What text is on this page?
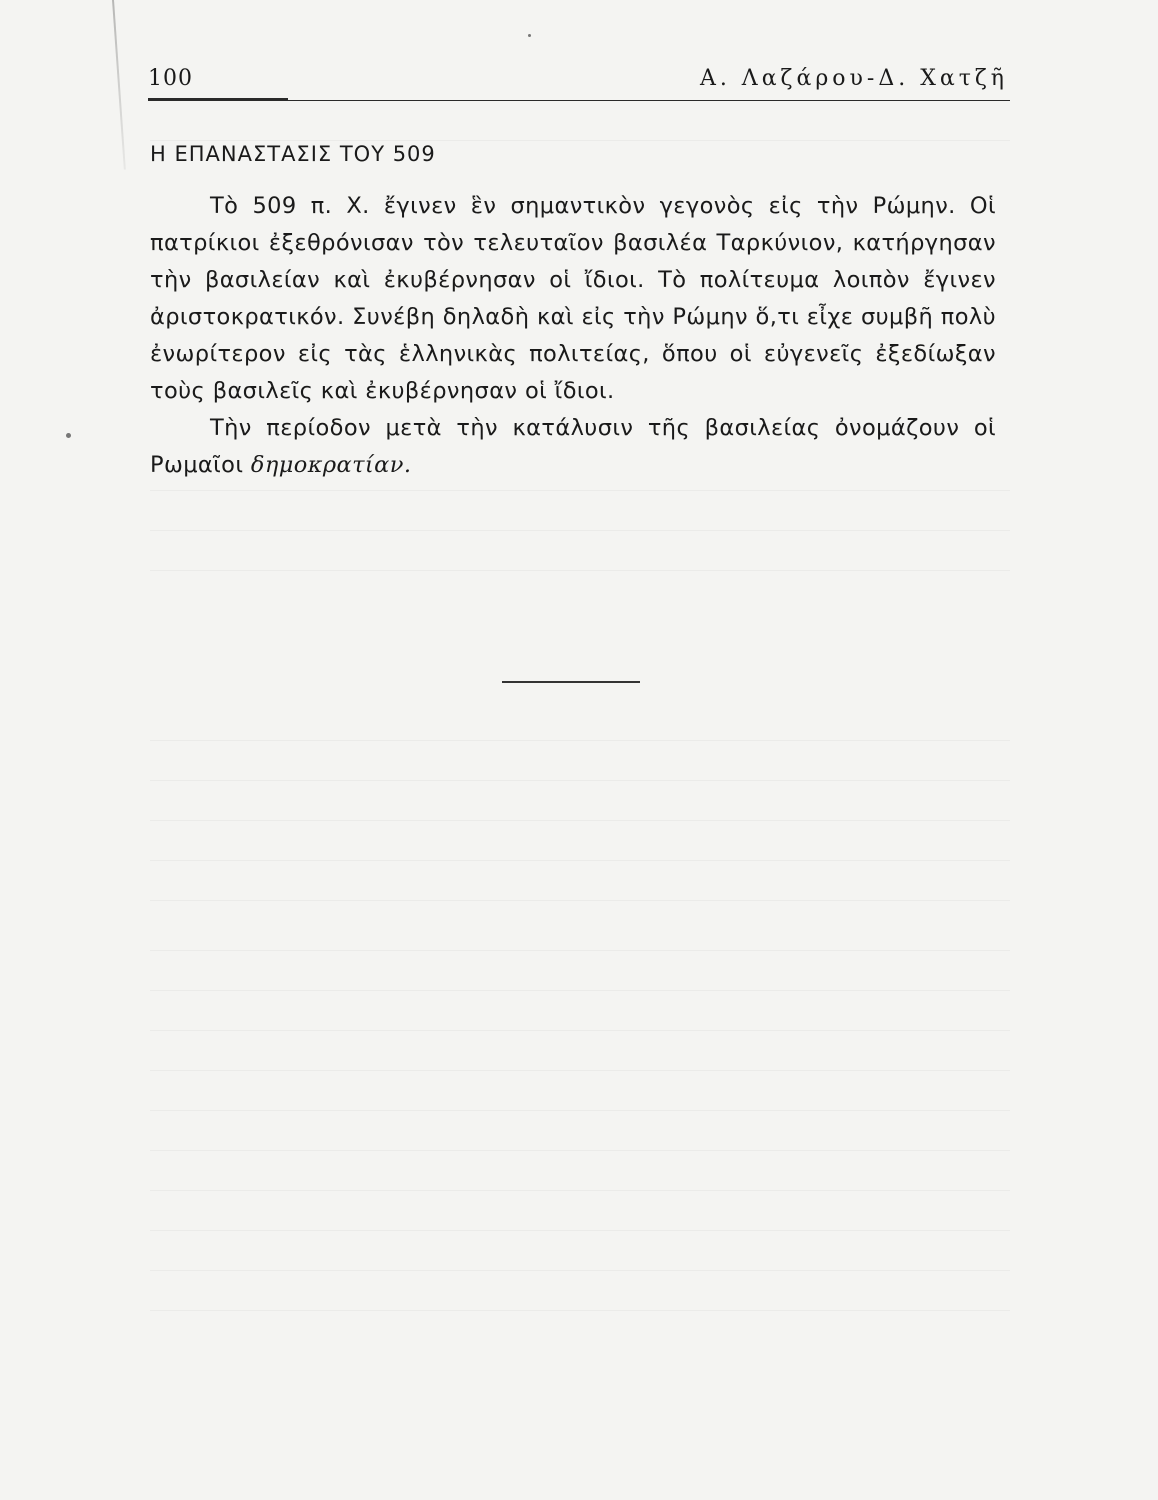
100	Α. Λαζάρου-Δ. Χατζῆ
Η ΕΠΑΝΑΣΤΑΣΙΣ ΤΟΥ 509

Τὸ 509 π. Χ. ἔγινεν ἓν σημαντικὸν γεγονὸς εἰς τὴν Ρώμην. Οἱ πατρίκιοι ἐξεθρόνισαν τὸν τελευταῖον βασιλέα Ταρκύνιον, κατήργησαν τὴν βασιλείαν καὶ ἐκυβέρνησαν οἱ ἴδιοι. Τὸ πολίτευμα λοιπὸν ἔγινεν ἀριστοκρατικόν. Συνέβη δηλαδὴ καὶ εἰς τὴν Ρώμην ὅ,τι εἶχε συμβῆ πολὺ ἐνωρίτερον εἰς τὰς ἑλληνικὰς πολιτείας, ὅπου οἱ εὐγενεῖς ἐξεδίωξαν τοὺς βασιλεῖς καὶ ἐκυβέρνησαν οἱ ἴδιοι.

Τὴν περίοδον μετὰ τὴν κατάλυσιν τῆς βασιλείας ὀνομάζουν οἱ Ρωμαῖοι δημοκρατίαν.
